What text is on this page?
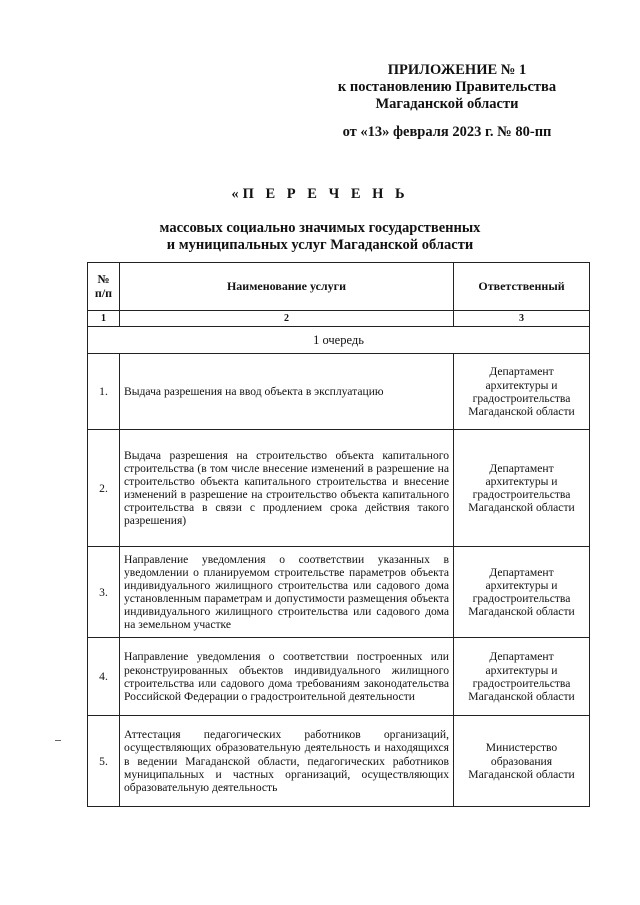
ПРИЛОЖЕНИЕ № 1
к постановлению Правительства
Магаданской области
от «13» февраля 2023 г. № 80-пп
«П Е Р Е Ч Е Н Ь
массовых социально значимых государственных
и муниципальных услуг Магаданской области
№ п/п	Наименование услуги	Ответственный
1	2	3
1 очередь		
1.	Выдача разрешения на ввод объекта в эксплуатацию	Департамент архитектуры и градостроительства Магаданской области
2.	Выдача разрешения на строительство объекта капитального строительства (в том числе внесение изменений в разрешение на строительство объекта капитального строительства и внесение изменений в разрешение на строительство объекта капитального строительства в связи с продлением срока действия такого разрешения)	Департамент архитектуры и градостроительства Магаданской области
3.	Направление уведомления о соответствии указанных в уведомлении о планируемом строительстве параметров объекта индивидуального жилищного строительства или садового дома установленным параметрам и допустимости размещения объекта индивидуального жилищного строительства или садового дома на земельном участке	Департамент архитектуры и градостроительства Магаданской области
4.	Направление уведомления о соответствии построенных или реконструированных объектов индивидуального жилищного строительства или садового дома требованиям законодательства Российской Федерации о градостроительной деятельности	Департамент архитектуры и градостроительства Магаданской области
5.	Аттестация педагогических работников организаций, осуществляющих образовательную деятельность и находящихся в ведении Магаданской области, педагогических работников муниципальных и частных организаций, осуществляющих образовательную деятельность	Министерство образования Магаданской области
